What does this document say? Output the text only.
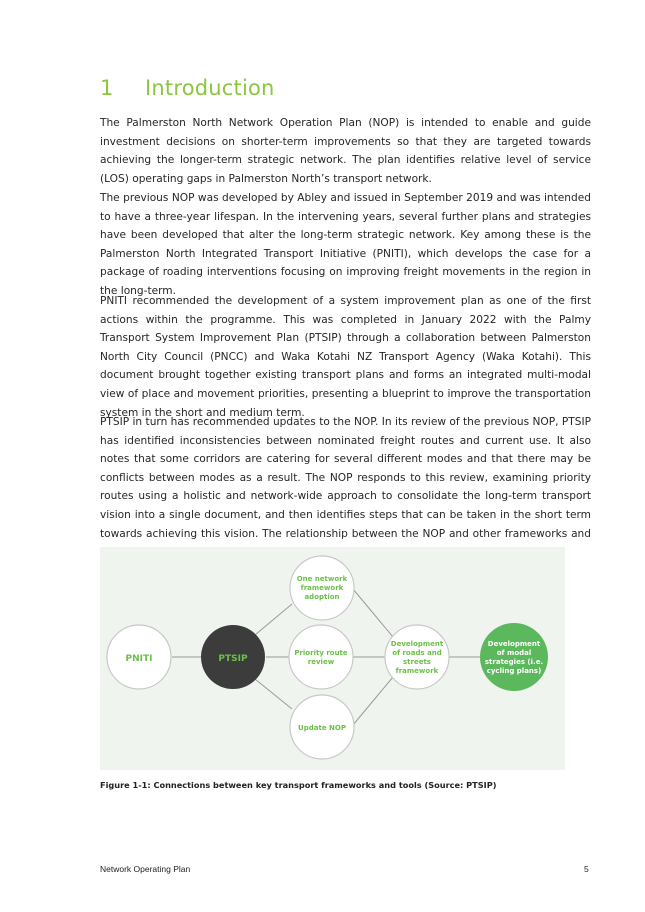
1 Introduction

The Palmerston North Network Operation Plan (NOP) is intended to enable and guide investment decisions on shorter-term improvements so that they are targeted towards achieving the longer-term strategic network. The plan identifies relative level of service (LOS) operating gaps in Palmerston North’s transport network.

The previous NOP was developed by Abley and issued in September 2019 and was intended to have a three-year lifespan. In the intervening years, several further plans and strategies have been developed that alter the long-term strategic network. Key among these is the Palmerston North Integrated Transport Initiative (PNITI), which develops the case for a package of roading interventions focusing on improving freight movements in the region in the long-term.

PNITI recommended the development of a system improvement plan as one of the first actions within the programme. This was completed in January 2022 with the Palmy Transport System Improvement Plan (PTSIP) through a collaboration between Palmerston North City Council (PNCC) and Waka Kotahi NZ Transport Agency (Waka Kotahi). This document brought together existing transport plans and forms an integrated multi-modal view of place and movement priorities, presenting a blueprint to improve the transportation system in the short and medium term.

PTSIP in turn has recommended updates to the NOP. In its review of the previous NOP, PTSIP has identified inconsistencies between nominated freight routes and current use. It also notes that some corridors are catering for several different modes and that there may be conflicts between modes as a result. The NOP responds to this review, examining priority routes using a holistic and network-wide approach to consolidate the long-term transport vision into a single document, and then identifies steps that can be taken in the short term towards achieving this vision. The relationship between the NOP and other frameworks and

PNITI	PTSIP
One network
framework
adoption
Priority route
review
Update NOP
Development
of roads and
streets
framework
Development
of modal
strategies (i.e.
cycling plans)

Figure 1-1: Connections between key transport frameworks and tools (Source: PTSIP)

Network Operating Plan	5
